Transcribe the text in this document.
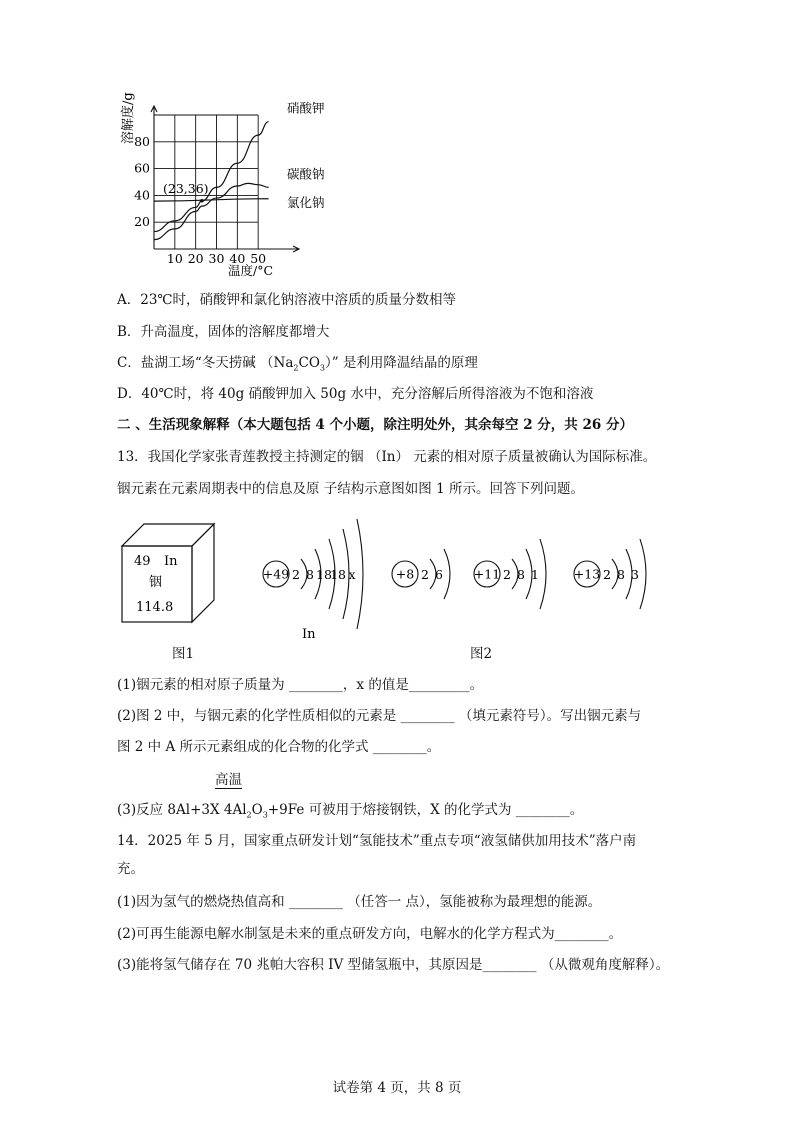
10 20 30 40 50
20
40
60
80
硝酸钾
碳酸钠
氯化钠
溶解度/g
温度/°C
(23,36)
A．23℃时，硝酸钾和氯化钠溶液中溶质的质量分数相等
B．升高温度，固体的溶解度都增大
C．盐湖工场“冬天捞碱 $(Na_2CO_3)$” 是利用降温结晶的原理
D．40℃时，将 40g 硝酸钾加入 50g 水中，充分溶解后所得溶液为不饱和溶液
二 、生活现象解释（本大题包括 4 个小题，除注明处外，其余每空 2 分，共 26 分）
13．我国化学家张青莲教授主持测定的铟 （In） 元素的相对原子质量被确认为国际标准。
铟元素在元素周期表中的信息及原 子结构示意图如图 1 所示。回答下列问题。
49 In
铟
114.8
+49 2 8 18
18 x
In
+8 2 6 +11 2 8 1	+13 2 8 3
图1	图2
(1)铟元素的相对原子质量为 ________，x 的值是_________。
(2)图 2 中，与铟元素的化学性质相似的元素是 ________ （填元素符号）。写出铟元素与
图 2 中 A 所示元素组成的化合物的化学式 ________。
高温
(3)反应 8Al+3X $4Al_2O_3+9Fe$ 可被用于熔接钢铁，X 的化学式为 ________。
14．2025 年 5 月，国家重点研发计划“氢能技术”重点专项“液氢储供加用技术”落户南
充。
(1)因为氢气的燃烧热值高和 ________ （任答一 点），氢能被称为最理想的能源。
(2)可再生能源电解水制氢是未来的重点研发方向，电解水的化学方程式为________。
(3)能将氢气储存在 70 兆帕大容积 IV 型储氢瓶中，其原因是________ （从微观角度解释）。
试卷第 4 页，共 8 页
